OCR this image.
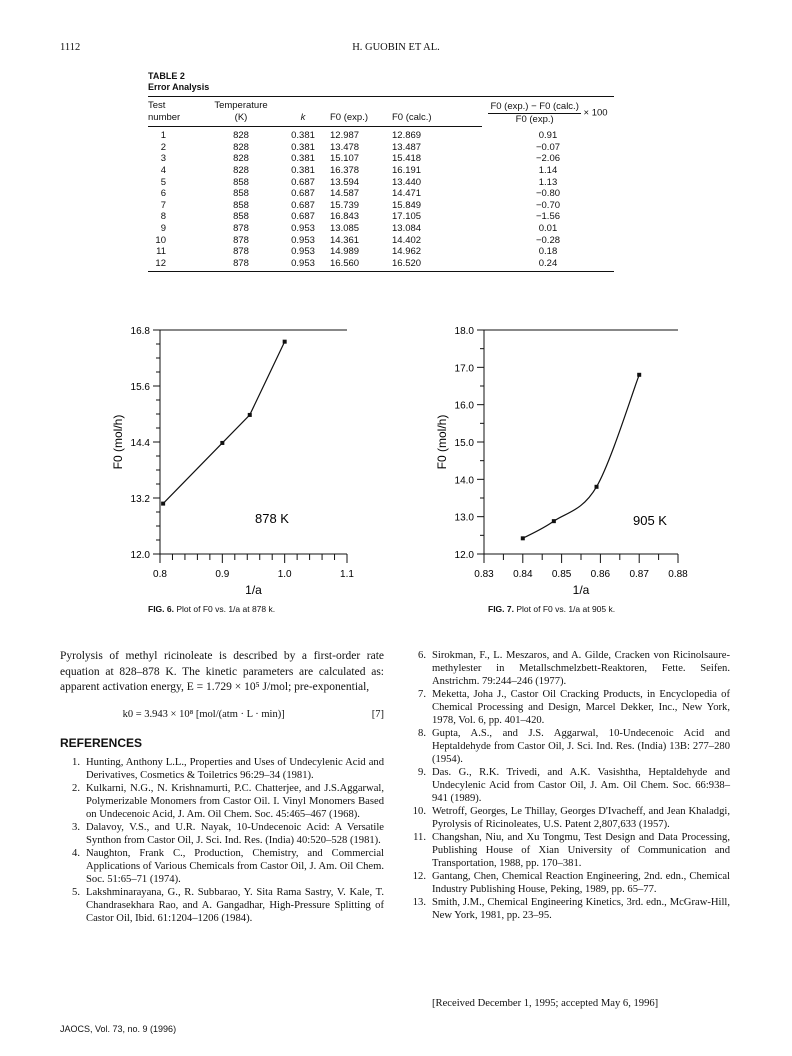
1112	H. GUOBIN ET AL.
TABLE 2
Error Analysis
Test	Temperature				$\frac{\text{F0 (exp.) − F0 (calc.)}}{F0 (\exp.)} \times 100$
number	(K)	k	F0 (exp.)	F0 (calc.)	
1	828	0.381	12.987	12.869	0.91
2	828	0.381	13.478	13.487	−0.07
3	828	0.381	15.107	15.418	−2.06
4	828	0.381	16.378	16.191	1.14
5	858	0.687	13.594	13.440	1.13
6	858	0.687	14.587	14.471	−0.80
7	858	0.687	15.739	15.849	−0.70
8	858	0.687	16.843	17.105	−1.56
9	878	0.953	13.085	13.084	0.01
10	878	0.953	14.361	14.402	−0.28
11	878	0.953	14.989	14.962	0.18
12	878	0.953	16.560	16.520	0.24
12.0
13.2
14.4
15.6
16.8
0.8	0.9	1.0	1.1
1/a
F0 (mol/h)
878 K
FIG. 6. Plot of F0 vs. 1/a at 878 k.
12.0
13.0
14.0
15.0
16.0
17.0
18.0
0.83 0.84 0.85 0.86 0.87 0.88
1/a
F0 (mol/h)
905 K
FIG. 7. Plot of F0 vs. 1/a at 905 k.
Pyrolysis of methyl ricinoleate is described by a first-order rate equation at 828–878 K. The kinetic parameters are calculated as: apparent activation energy, E = 1.729 × 10⁵ J/mol; pre-exponential,
k0 = 3.943 × 10⁸ [mol/(atm · L · min)]	[7]
REFERENCES
1. Hunting, Anthony L.L., Properties and Uses of Undecylenic Acid and Derivatives, Cosmetics & Toiletrics 96:29–34 (1981).
2. Kulkarni, N.G., N. Krishnamurti, P.C. Chatterjee, and J.S.Aggarwal, Polymerizable Monomers from Castor Oil. I. Vinyl Monomers Based on Undecenoic Acid, J. Am. Oil Chem. Soc. 45:465–467 (1968).
3. Dalavoy, V.S., and U.R. Nayak, 10-Undecenoic Acid: A Versatile Synthon from Castor Oil, J. Sci. Ind. Res. (India) 40:520–528 (1981).
4. Naughton, Frank C., Production, Chemistry, and Commercial Applications of Various Chemicals from Castor Oil, J. Am. Oil Chem. Soc. 51:65–71 (1974).
5. Lakshminarayana, G., R. Subbarao, Y. Sita Rama Sastry, V. Kale, T. Chandrasekhara Rao, and A. Gangadhar, High-Pressure Splitting of Castor Oil, Ibid. 61:1204–1206 (1984).
6. Sirokman, F., L. Meszaros, and A. Gilde, Cracken von Ricinolsaure-methylester in Metallschmelzbett-Reaktoren, Fette. Seifen. Anstrichm. 79:244–246 (1977).
7. Meketta, Joha J., Castor Oil Cracking Products, in Encyclopedia of Chemical Processing and Design, Marcel Dekker, Inc., New York, 1978, Vol. 6, pp. 401–420.
8. Gupta, A.S., and J.S. Aggarwal, 10-Undecenoic Acid and Heptaldehyde from Castor Oil, J. Sci. Ind. Res. (India) 13B: 277–280 (1954).
9. Das. G., R.K. Trivedi, and A.K. Vasishtha, Heptaldehyde and Undecylenic Acid from Castor Oil, J. Am. Oil Chem. Soc. 66:938–941 (1989).
10. Wetroff, Georges, Le Thillay, Georges D'Ivacheff, and Jean Khaladgi, Pyrolysis of Ricinoleates, U.S. Patent 2,807,633 (1957).
11. Changshan, Niu, and Xu Tongmu, Test Design and Data Processing, Publishing House of Xian University of Communication and Transportation, 1988, pp. 170–381.
12. Gantang, Chen, Chemical Reaction Engineering, 2nd. edn., Chemical Industry Publishing House, Peking, 1989, pp. 65–77.
13. Smith, J.M., Chemical Engineering Kinetics, 3rd. edn., McGraw-Hill, New York, 1981, pp. 23–95.
[Received December 1, 1995; accepted May 6, 1996]
JAOCS, Vol. 73, no. 9 (1996)
